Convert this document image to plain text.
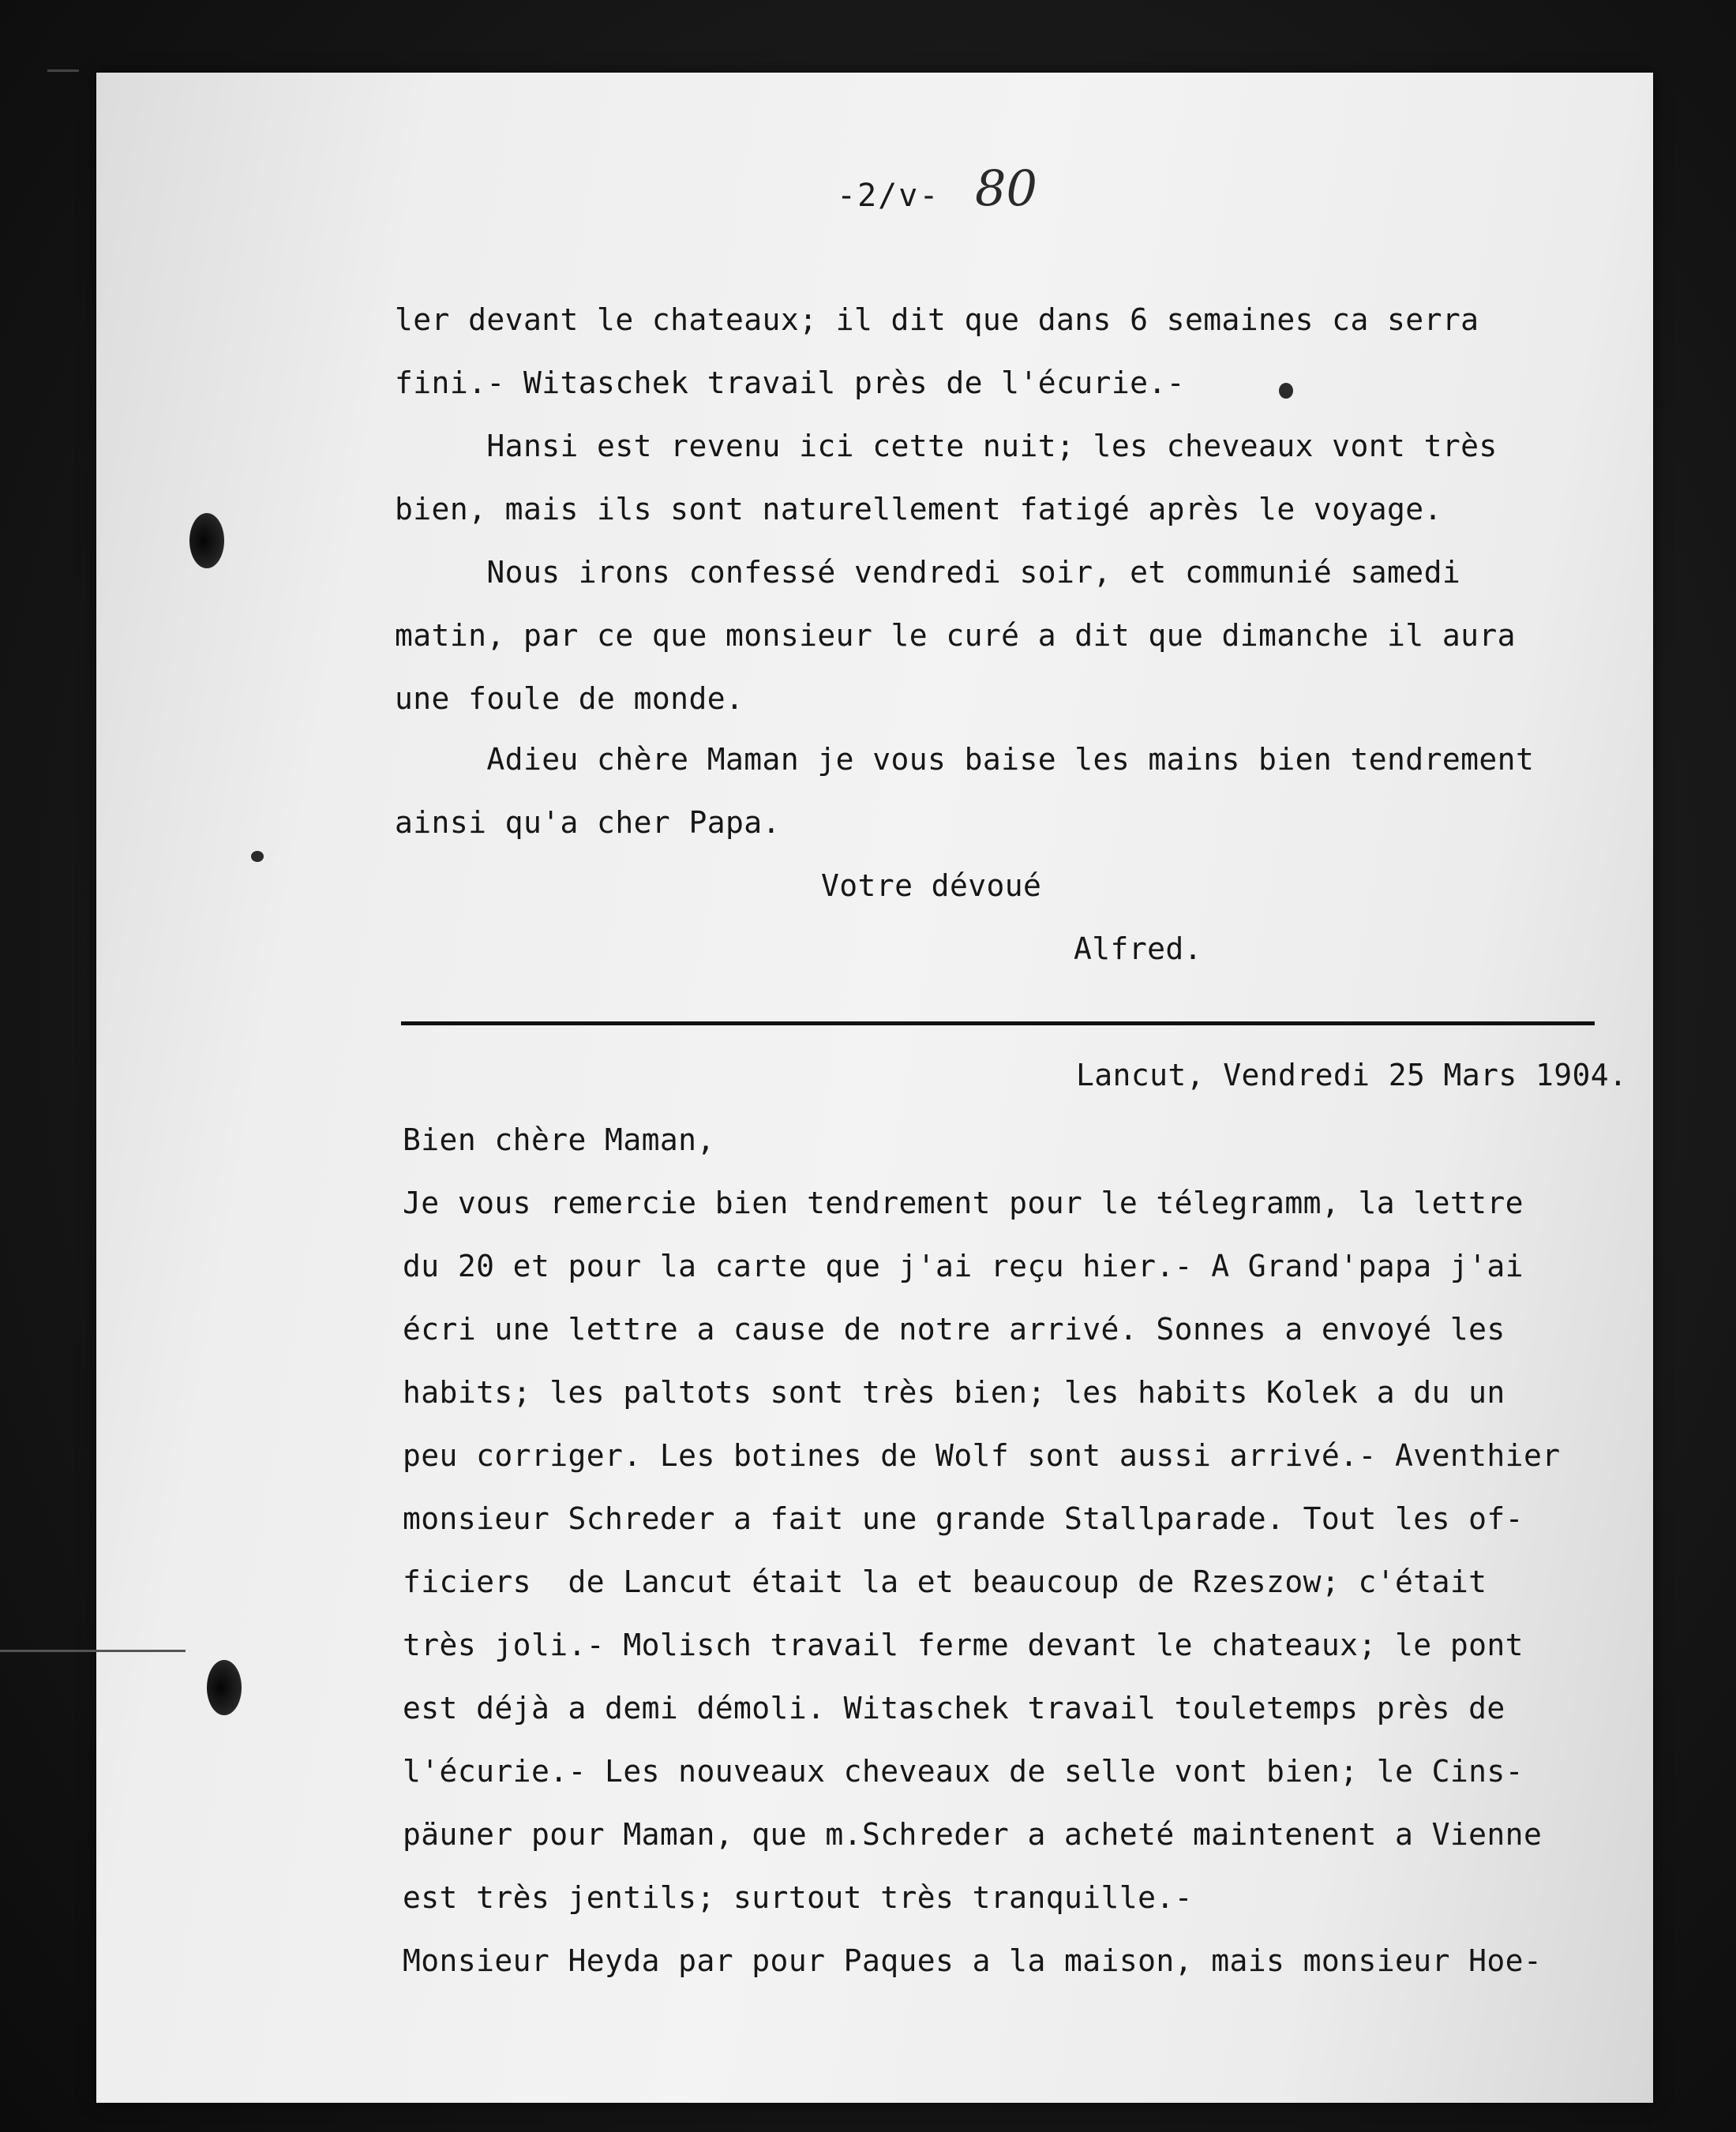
-2/v- 80
ler devant le chateaux; il dit que dans 6 semaines ca serra
fini.- Witaschek travail près de l'écurie.-
Hansi est revenu ici cette nuit; les cheveaux vont très
bien, mais ils sont naturellement fatigé après le voyage.
Nous irons confessé vendredi soir, et communié samedi
matin, par ce que monsieur le curé a dit que dimanche il aura
une foule de monde.
Adieu chère Maman je vous baise les mains bien tendrement
ainsi qu'a cher Papa.
Votre dévoué
Alfred.
Lancut, Vendredi 25 Mars 1904.
Bien chère Maman,
Je vous remercie bien tendrement pour le télegramm, la lettre
du 20 et pour la carte que j'ai reçu hier.- A Grand'papa j'ai
écri une lettre a cause de notre arrivé. Sonnes a envoyé les
habits; les paltots sont très bien; les habits Kolek a du un
peu corriger. Les botines de Wolf sont aussi arrivé.- Aventhier
monsieur Schreder a fait une grande Stallparade. Tout les of-
ficiers  de Lancut était la et beaucoup de Rzeszow; c'était
très joli.- Molisch travail ferme devant le chateaux; le pont
est déjà a demi démoli. Witaschek travail touletemps près de
l'écurie.- Les nouveaux cheveaux de selle vont bien; le Cins-
päuner pour Maman, que m.Schreder a acheté maintenent a Vienne
est très jentils; surtout très tranquille.-
Monsieur Heyda par pour Paques a la maison, mais monsieur Hoe-
